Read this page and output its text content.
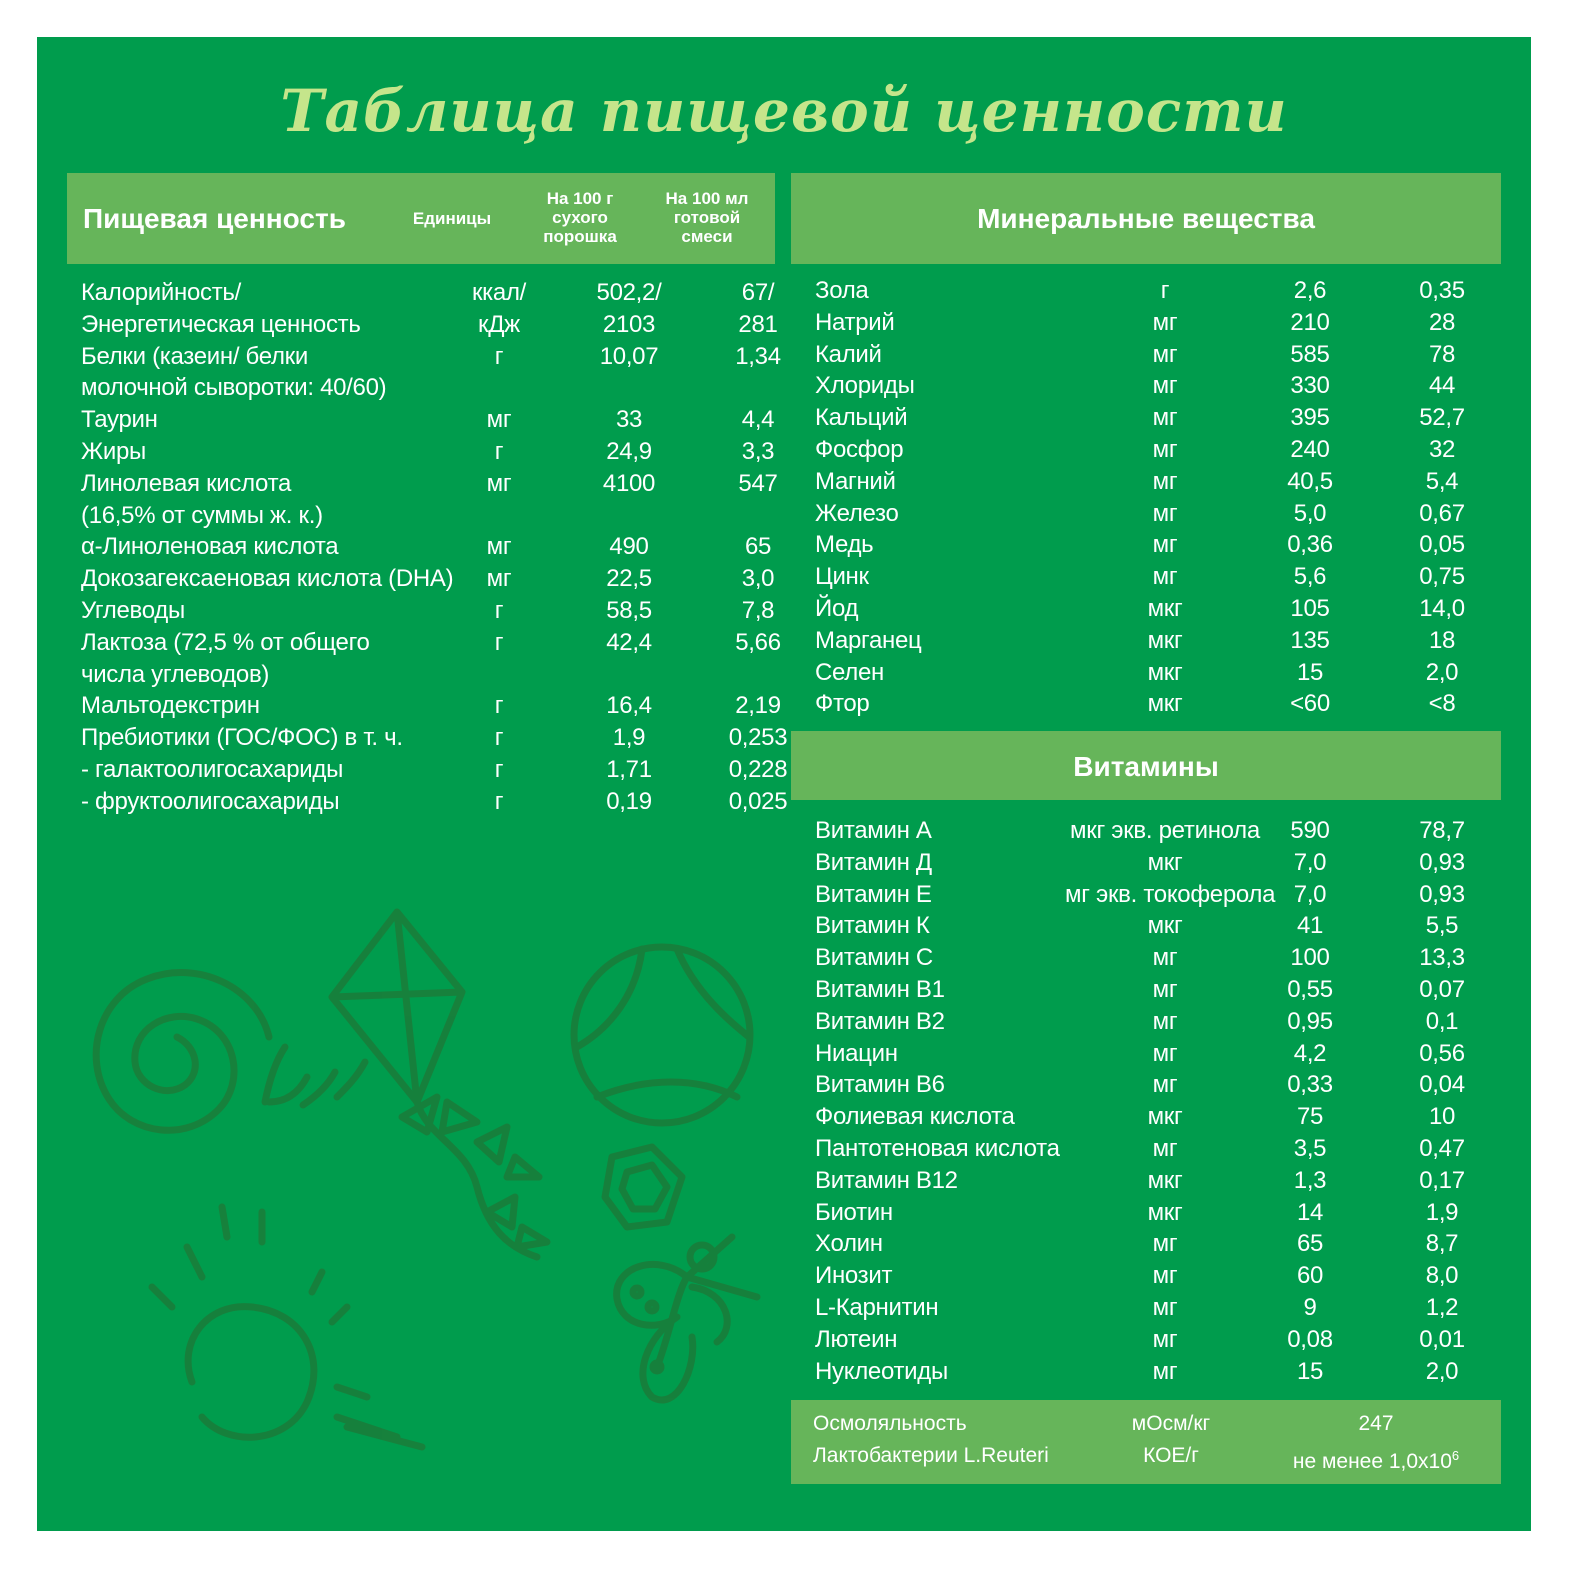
Таблица пищевой ценности
Пищевая ценность	Единицы
На 100 г
сухого
порошка
На 100 мл
готовой
смеси
Калорийность/	ккал/	502,2/	67/
Энергетическая ценность	кДж	2103	281
Белки (казеин/ белки	г	10,07	1,34
молочной сыворотки: 40/60)
Таурин	мг	33	4,4
Жиры	г	24,9	3,3
Линолевая кислота	мг	4100	547
(16,5% от суммы ж. к.)
α-Линоленовая кислота	мг	490	65
Докозагексаеновая кислота (DHA)	мг	22,5	3,0
Углеводы	г	58,5	7,8
Лактоза (72,5 % от общего	г	42,4	5,66
числа углеводов)
Мальтодекстрин	г	16,4	2,19
Пребиотики (ГОС/ФОС) в т. ч.	г	1,9	0,253
- галактоолигосахариды	г	1,71	0,228
- фруктоолигосахариды	г	0,19	0,025
Минеральные вещества
Зола	г	2,6	0,35
Натрий	мг	210	28
Калий	мг	585	78
Хлориды	мг	330	44
Кальций	мг	395	52,7
Фосфор	мг	240	32
Магний	мг	40,5	5,4
Железо	мг	5,0	0,67
Медь	мг	0,36	0,05
Цинк	мг	5,6	0,75
Йод	мкг	105	14,0
Марганец	мкг	135	18
Селен	мкг	15	2,0
Фтор	мкг	<60	<8
Витамины
Витамин А	мкг экв. ретинола	590	78,7
Витамин Д	мкг	7,0	0,93
Витамин Е	мг экв. токоферола 7,0	0,93
Витамин К	мкг	41	5,5
Витамин С	мг	100	13,3
Витамин В1	мг	0,55	0,07
Витамин В2	мг	0,95	0,1
Ниацин	мг	4,2	0,56
Витамин В6	мг	0,33	0,04
Фолиевая кислота	мкг	75	10
Пантотеновая кислота	мг	3,5	0,47
Витамин В12	мкг	1,3	0,17
Биотин	мкг	14	1,9
Холин	мг	65	8,7
Инозит	мг	60	8,0
L-Карнитин	мг	9	1,2
Лютеин	мг	0,08	0,01
Нуклеотиды	мг	15	2,0
Осмоляльность	мОсм/кг	247
Лактобактерии L.Reuteri	КОЕ/г	не менее $1,0х10^6$
